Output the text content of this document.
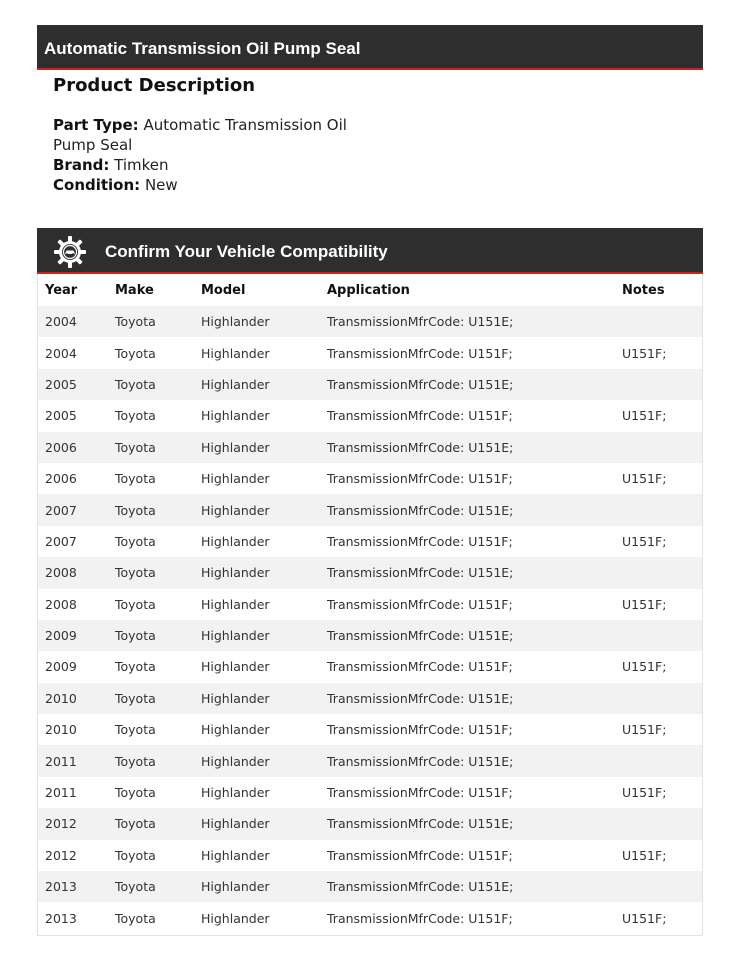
Automatic Transmission Oil Pump Seal
Product Description
Part Type: Automatic Transmission Oil Pump Seal
Brand: Timken
Condition: New
Confirm Your Vehicle Compatibility
Year	Make	Model	Application	Notes
2004	Toyota	Highlander	TransmissionMfrCode: U151E;	
2004	Toyota	Highlander	TransmissionMfrCode: U151F;	U151F;
2005	Toyota	Highlander	TransmissionMfrCode: U151E;	
2005	Toyota	Highlander	TransmissionMfrCode: U151F;	U151F;
2006	Toyota	Highlander	TransmissionMfrCode: U151E;	
2006	Toyota	Highlander	TransmissionMfrCode: U151F;	U151F;
2007	Toyota	Highlander	TransmissionMfrCode: U151E;	
2007	Toyota	Highlander	TransmissionMfrCode: U151F;	U151F;
2008	Toyota	Highlander	TransmissionMfrCode: U151E;	
2008	Toyota	Highlander	TransmissionMfrCode: U151F;	U151F;
2009	Toyota	Highlander	TransmissionMfrCode: U151E;	
2009	Toyota	Highlander	TransmissionMfrCode: U151F;	U151F;
2010	Toyota	Highlander	TransmissionMfrCode: U151E;	
2010	Toyota	Highlander	TransmissionMfrCode: U151F;	U151F;
2011	Toyota	Highlander	TransmissionMfrCode: U151E;	
2011	Toyota	Highlander	TransmissionMfrCode: U151F;	U151F;
2012	Toyota	Highlander	TransmissionMfrCode: U151E;	
2012	Toyota	Highlander	TransmissionMfrCode: U151F;	U151F;
2013	Toyota	Highlander	TransmissionMfrCode: U151E;	
2013	Toyota	Highlander	TransmissionMfrCode: U151F;	U151F;
